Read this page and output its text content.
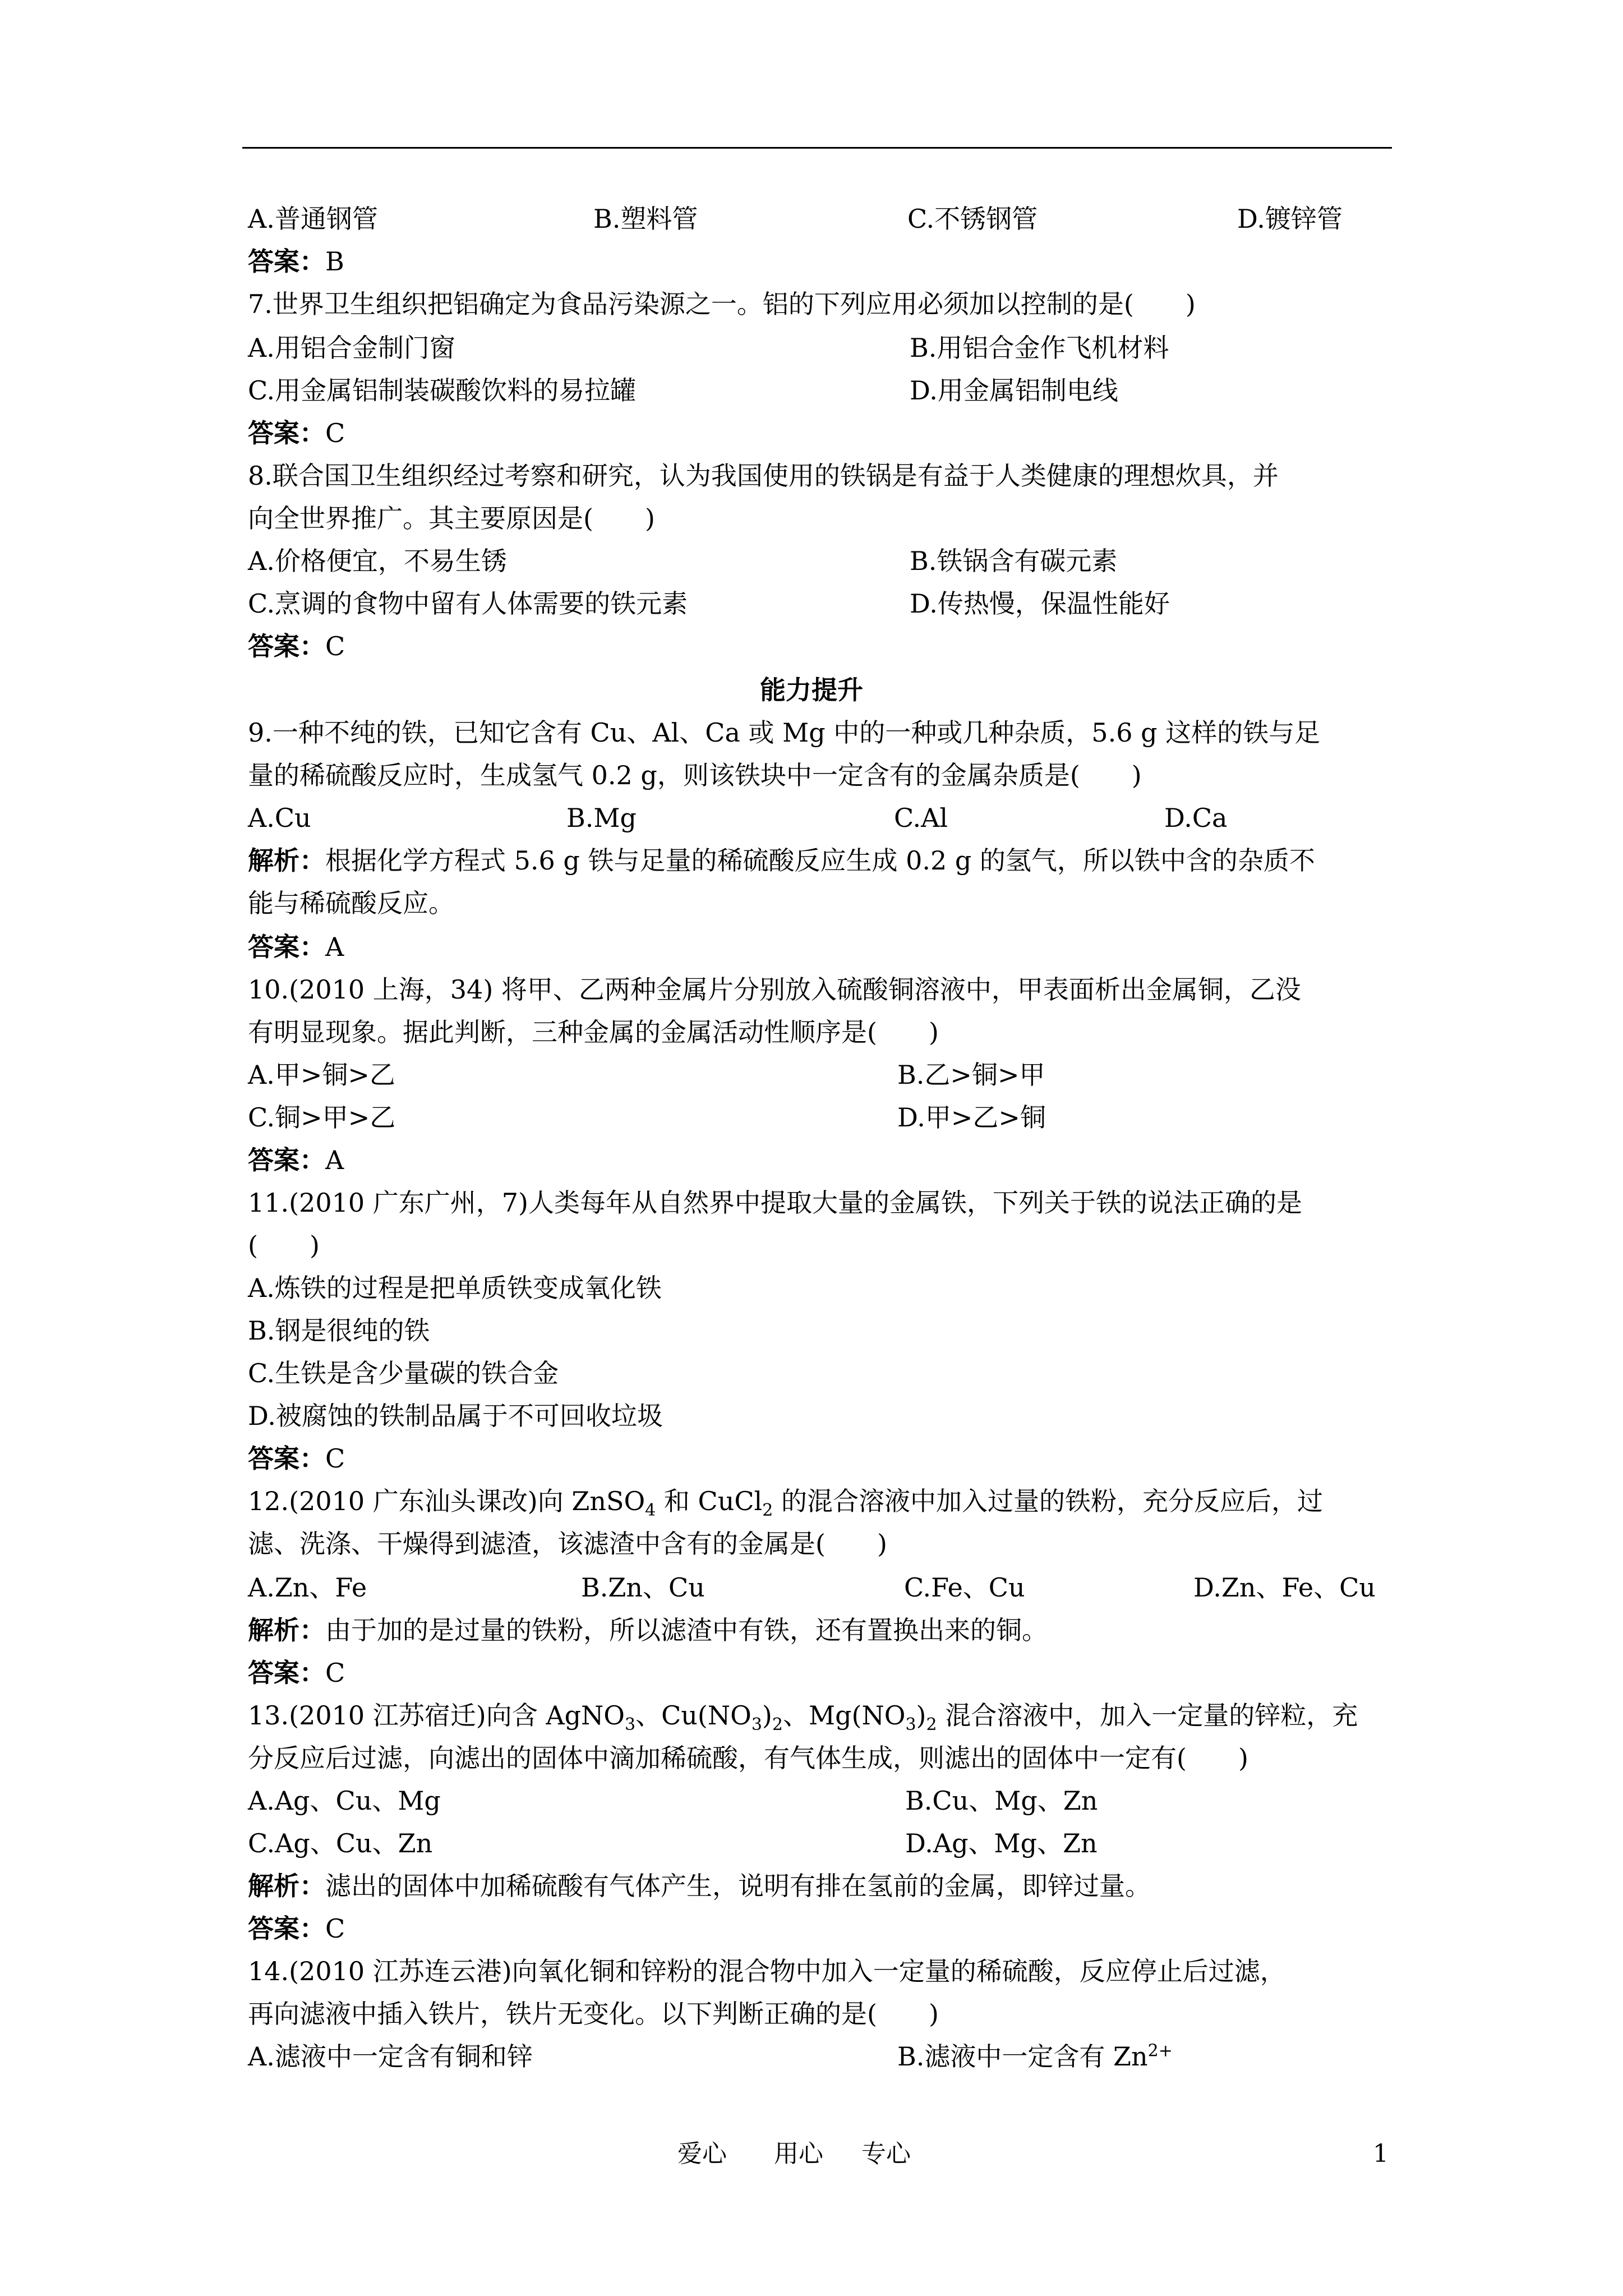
A.普通钢管	B.塑料管	C.不锈钢管	D.镀锌管
答案：B
7.世界卫生组织把铝确定为食品污染源之一。铝的下列应用必须加以控制的是(　　)
A.用铝合金制门窗	B.用铝合金作飞机材料
C.用金属铝制装碳酸饮料的易拉罐	D.用金属铝制电线
答案：C
8.联合国卫生组织经过考察和研究，认为我国使用的铁锅是有益于人类健康的理想炊具，并
向全世界推广。其主要原因是(　　)
A.价格便宜，不易生锈	B.铁锅含有碳元素
C.烹调的食物中留有人体需要的铁元素	D.传热慢，保温性能好
答案：C
能力提升
9.一种不纯的铁，已知它含有 Cu、Al、Ca 或 Mg 中的一种或几种杂质，5.6 g 这样的铁与足
量的稀硫酸反应时，生成氢气 0.2 g，则该铁块中一定含有的金属杂质是(　　)
A.Cu	B.Mg	C.Al	D.Ca
解析：根据化学方程式 5.6 g 铁与足量的稀硫酸反应生成 0.2 g 的氢气，所以铁中含的杂质不
能与稀硫酸反应。
答案：A
10.(2010 上海，34) 将甲、乙两种金属片分别放入硫酸铜溶液中，甲表面析出金属铜，乙没
有明显现象。据此判断，三种金属的金属活动性顺序是(　　)
A.甲>铜>乙	B.乙>铜>甲
C.铜>甲>乙	D.甲>乙>铜
答案：A
11.(2010 广东广州，7)人类每年从自然界中提取大量的金属铁，下列关于铁的说法正确的是
(　　)
A.炼铁的过程是把单质铁变成氧化铁
B.钢是很纯的铁
C.生铁是含少量碳的铁合金
D.被腐蚀的铁制品属于不可回收垃圾
答案：C
12.(2010 广东汕头课改)向 ZnSO$_4$ 和 CuCl$_2$ 的混合溶液中加入过量的铁粉，充分反应后，过
滤、洗涤、干燥得到滤渣，该滤渣中含有的金属是(　　)
A.Zn、Fe	B.Zn、Cu	C.Fe、Cu	D.Zn、Fe、Cu
解析：由于加的是过量的铁粉，所以滤渣中有铁，还有置换出来的铜。
答案：C
13.(2010 江苏宿迁)向含 AgNO$_3$、$Cu(NO_3)_2$、$Mg(NO_3)_2$ 混合溶液中，加入一定量的锌粒，充
分反应后过滤，向滤出的固体中滴加稀硫酸，有气体生成，则滤出的固体中一定有(　　)
A.Ag、Cu、Mg	B.Cu、Mg、Zn
C.Ag、Cu、Zn	D.Ag、Mg、Zn
解析：滤出的固体中加稀硫酸有气体产生，说明有排在氢前的金属，即锌过量。
答案：C
14.(2010 江苏连云港)向氧化铜和锌粉的混合物中加入一定量的稀硫酸，反应停止后过滤，
再向滤液中插入铁片，铁片无变化。以下判断正确的是(　　)
A.滤液中一定含有铜和锌	B.滤液中一定含有 $Zn^{2+}$
爱心 用心 专心	1
